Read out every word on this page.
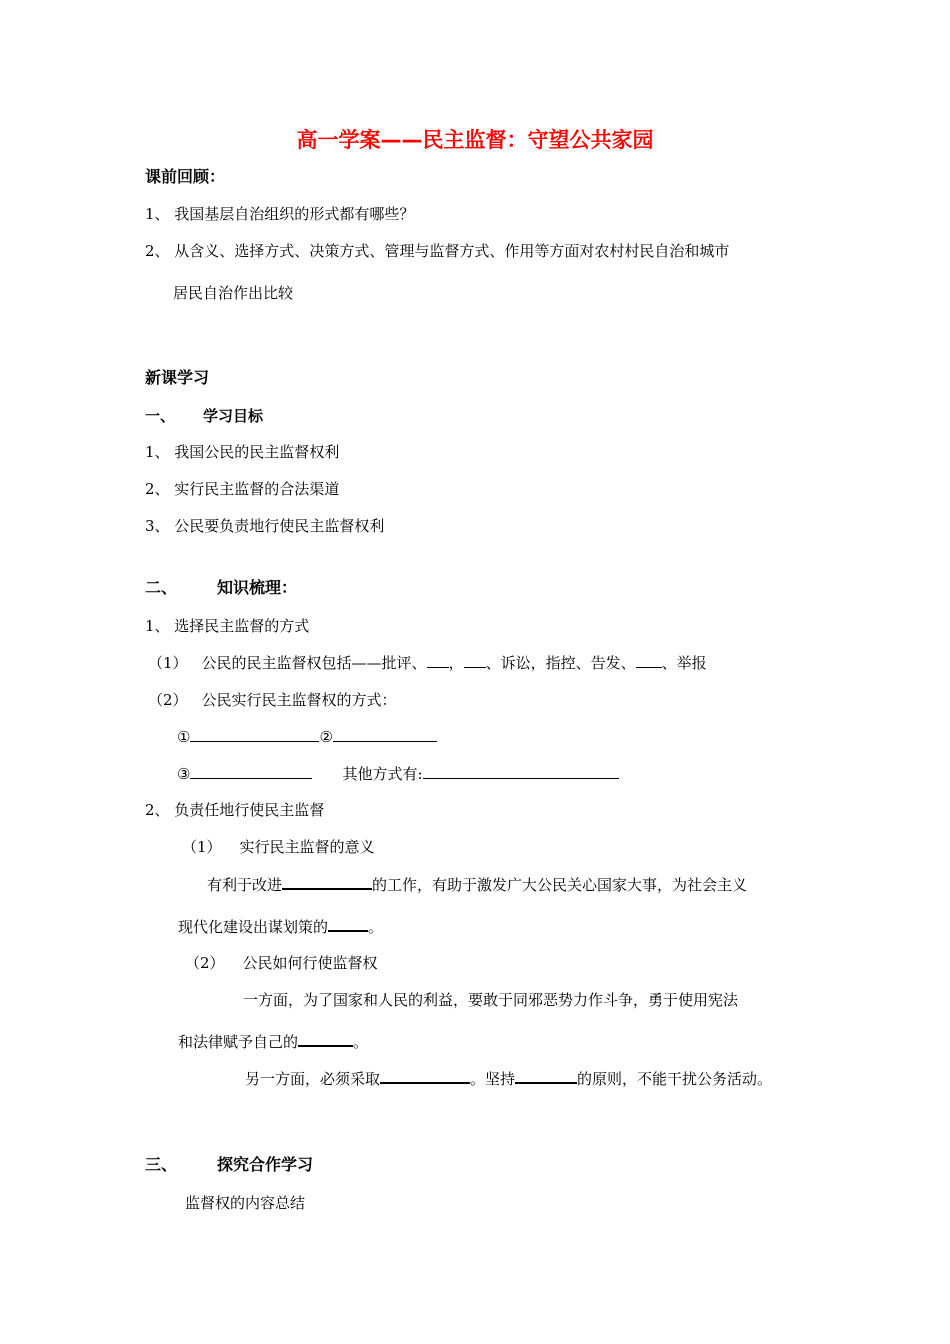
高一学案——民主监督：守望公共家园
课前回顾：
1、 我国基层自治组织的形式都有哪些？
2、 从含义、选择方式、决策方式、管理与监督方式、作用等方面对农村村民自治和城市
居民自治作出比较
新课学习
一、 学习目标
1、 我国公民的民主监督权利
2、 实行民主监督的合法渠道
3、 公民要负责地行使民主监督权利
二、	知识梳理：
1、 选择民主监督的方式
（1） 公民的民主监督权包括——批评、 ， 、诉讼，指控、告发、 、举报
（2） 公民实行民主监督权的方式：
①	②
③	其他方式有:
2、 负责任地行使民主监督
（1） 实行民主监督的意义
有利于改进	的工作，有助于激发广大公民关心国家大事，为社会主义
现代化建设出谋划策的	。
（2） 公民如何行使监督权
一方面，为了国家和人民的利益，要敢于同邪恶势力作斗争，勇于使用宪法
和法律赋予自己的	。
另一方面，必须采取	。坚持	的原则，不能干扰公务活动。
三、	探究合作学习
监督权的内容总结
